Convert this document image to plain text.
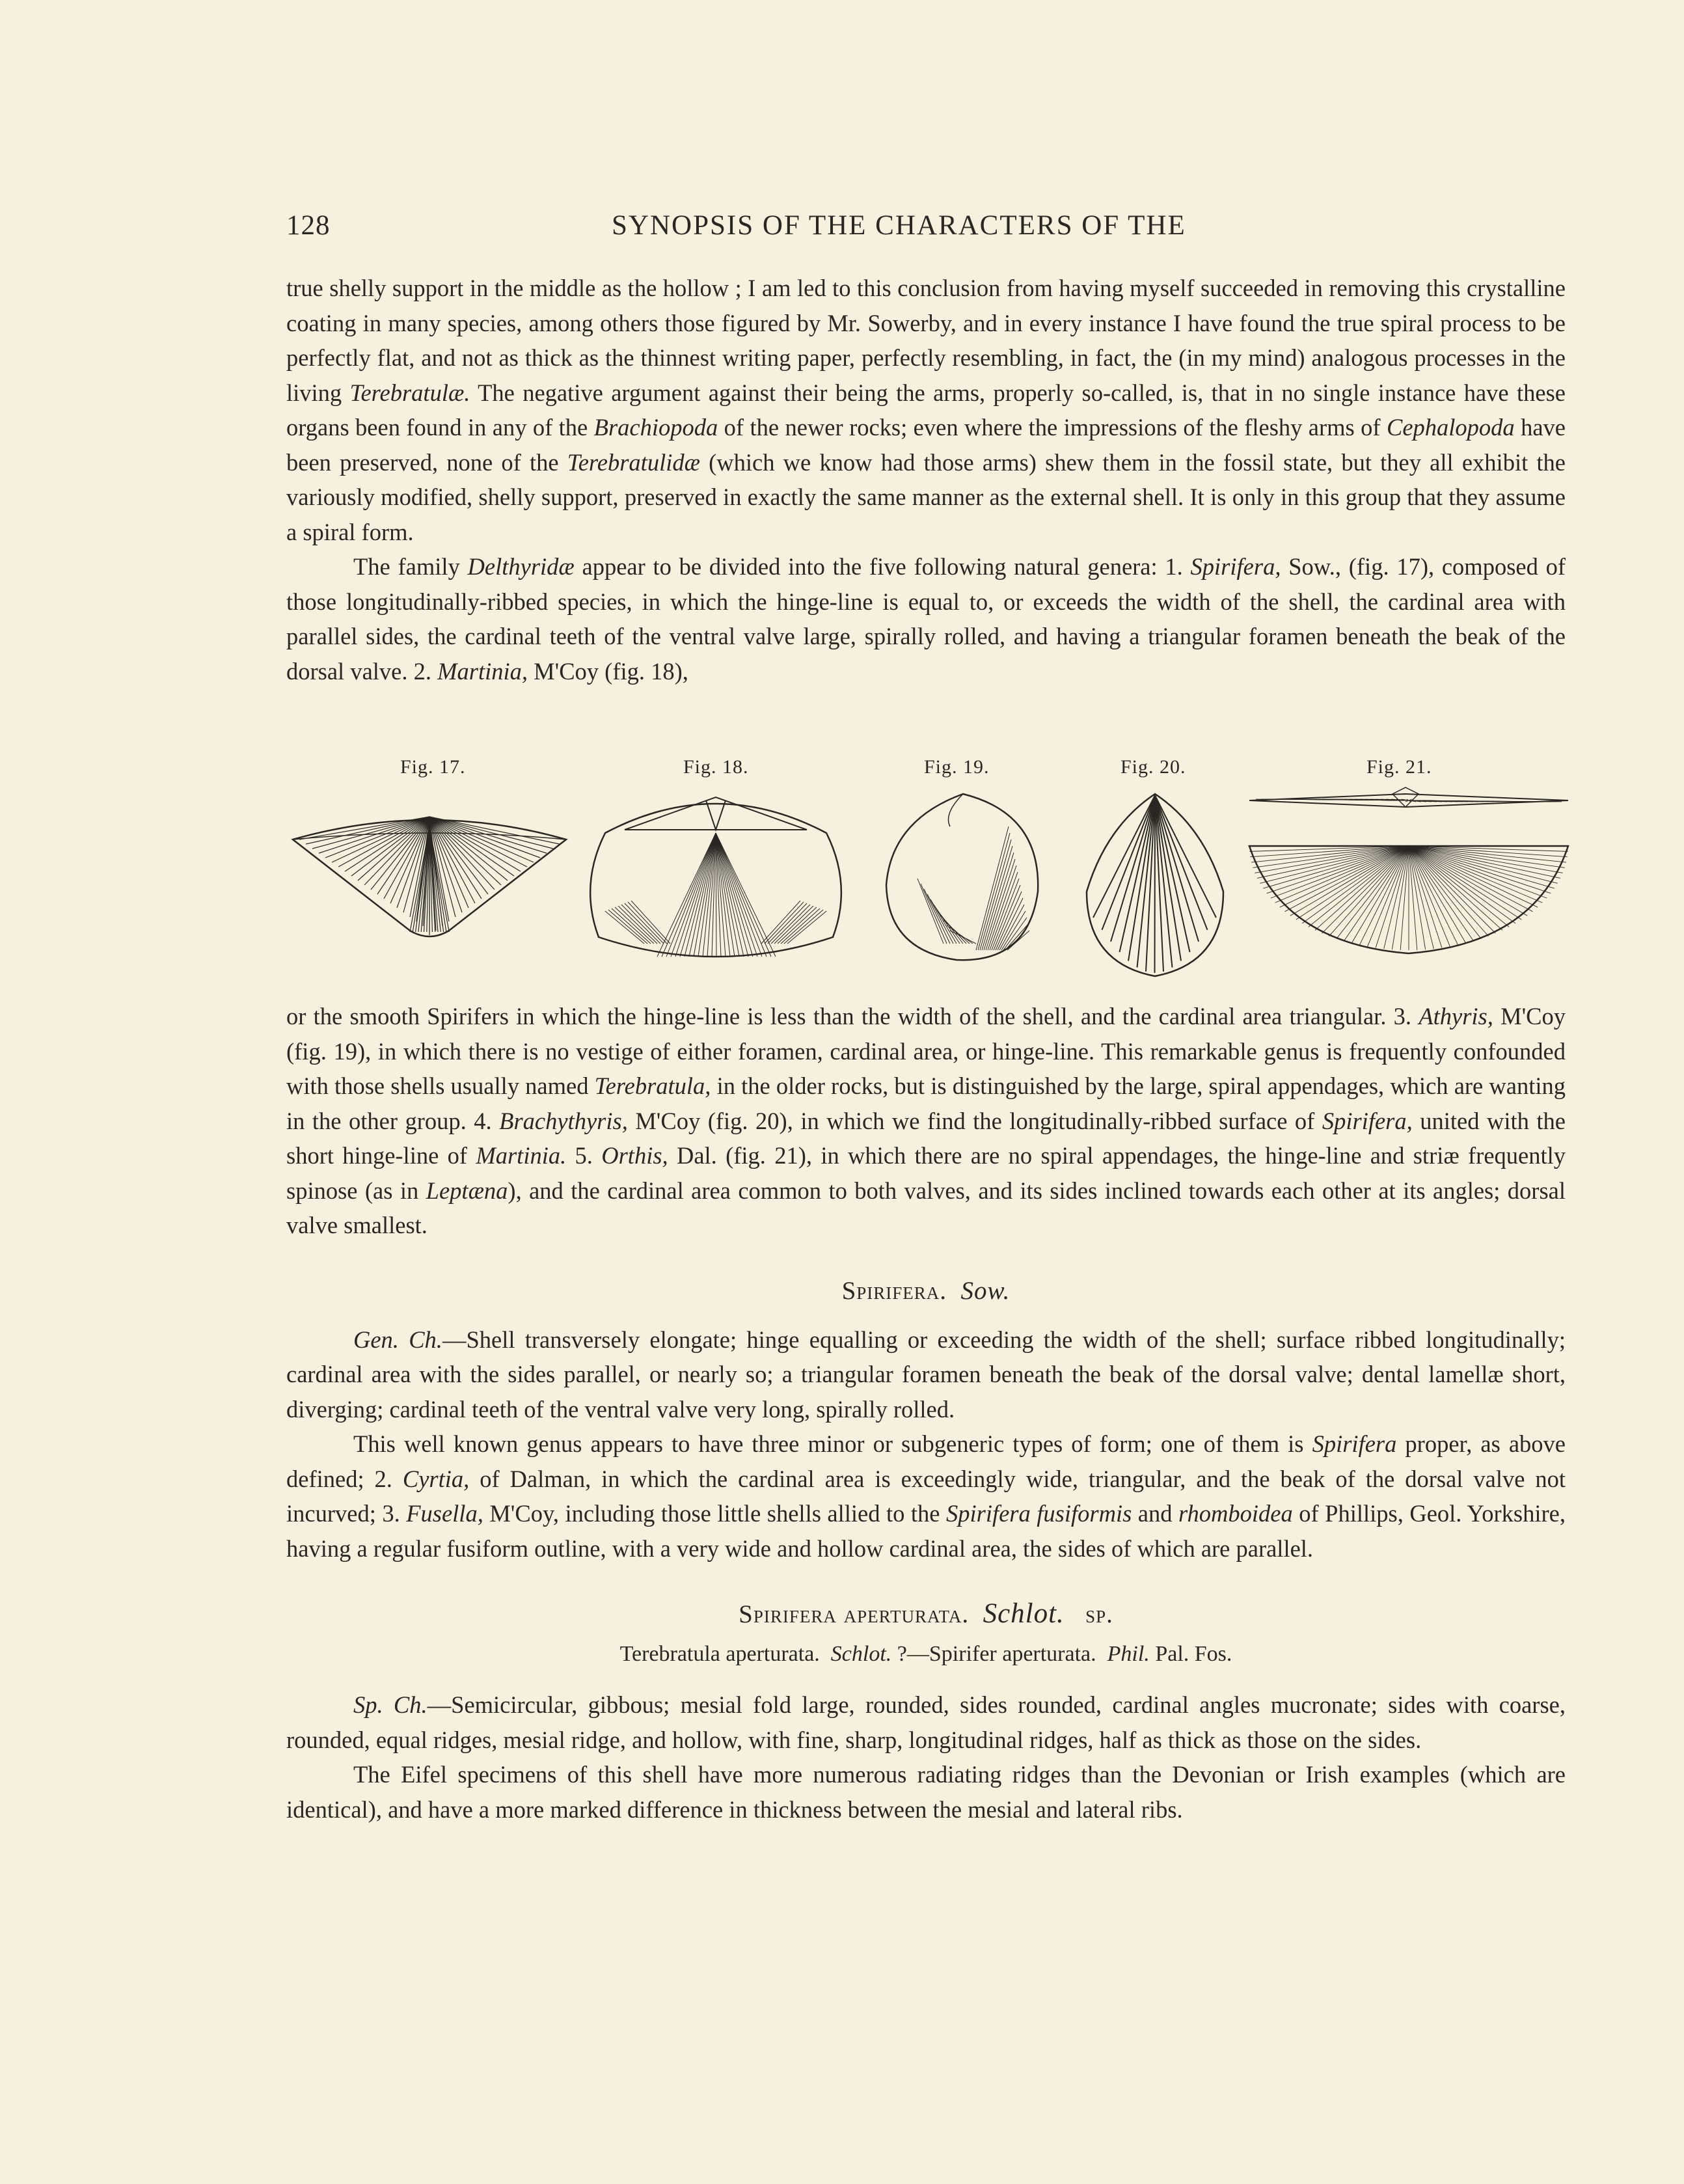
128	SYNOPSIS OF THE CHARACTERS OF THE

true shelly support in the middle as the hollow ; I am led to this conclusion from having myself succeeded in removing this crystalline coating in many species, among others those figured by Mr. Sowerby, and in every instance I have found the true spiral process to be perfectly flat, and not as thick as the thinnest writing paper, perfectly resembling, in fact, the (in my mind) analogous processes in the living Terebratulæ. The negative argument against their being the arms, properly so-called, is, that in no single instance have these organs been found in any of the Brachiopoda of the newer rocks; even where the impressions of the fleshy arms of Cephalopoda have been preserved, none of the Terebratulidæ (which we know had those arms) shew them in the fossil state, but they all exhibit the variously modified, shelly support, preserved in exactly the same manner as the external shell. It is only in this group that they assume a spiral form.

The family Delthyridæ appear to be divided into the five following natural genera: 1. Spirifera, Sow., (fig. 17), composed of those longitudinally-ribbed species, in which the hinge-line is equal to, or exceeds the width of the shell, the cardinal area with parallel sides, the cardinal teeth of the ventral valve large, spirally rolled, and having a triangular foramen beneath the beak of the dorsal valve. 2. Martinia, M'Coy (fig. 18),

Fig. 17.	Fig. 18.	Fig. 19.	Fig. 20.	Fig. 21.

or the smooth Spirifers in which the hinge-line is less than the width of the shell, and the cardinal area triangular. 3. Athyris, M'Coy (fig. 19), in which there is no vestige of either foramen, cardinal area, or hinge-line. This remarkable genus is frequently confounded with those shells usually named Terebratula, in the older rocks, but is distinguished by the large, spiral appendages, which are wanting in the other group. 4. Brachythyris, M'Coy (fig. 20), in which we find the longitudinally-ribbed surface of Spirifera, united with the short hinge-line of Martinia. 5. Orthis, Dal. (fig. 21), in which there are no spiral appendages, the hinge-line and striæ frequently spinose (as in Leptæna), and the cardinal area common to both valves, and its sides inclined towards each other at its angles; dorsal valve smallest.

Spirifera. Sow.

Gen. Ch.—Shell transversely elongate; hinge equalling or exceeding the width of the shell; surface ribbed longitudinally; cardinal area with the sides parallel, or nearly so; a triangular foramen beneath the beak of the dorsal valve; dental lamellæ short, diverging; cardinal teeth of the ventral valve very long, spirally rolled.

This well known genus appears to have three minor or subgeneric types of form; one of them is Spirifera proper, as above defined; 2. Cyrtia, of Dalman, in which the cardinal area is exceedingly wide, triangular, and the beak of the dorsal valve not incurved; 3. Fusella, M'Coy, including those little shells allied to the Spirifera fusiformis and rhomboidea of Phillips, Geol. Yorkshire, having a regular fusiform outline, with a very wide and hollow cardinal area, the sides of which are parallel.

Spirifera aperturata. Schlot. sp.
Terebratula aperturata. Schlot. ?—Spirifer aperturata. Phil. Pal. Fos.

Sp. Ch.—Semicircular, gibbous; mesial fold large, rounded, sides rounded, cardinal angles mucronate; sides with coarse, rounded, equal ridges, mesial ridge, and hollow, with fine, sharp, longitudinal ridges, half as thick as those on the sides.

The Eifel specimens of this shell have more numerous radiating ridges than the Devonian or Irish examples (which are identical), and have a more marked difference in thickness between the mesial and lateral ribs.
